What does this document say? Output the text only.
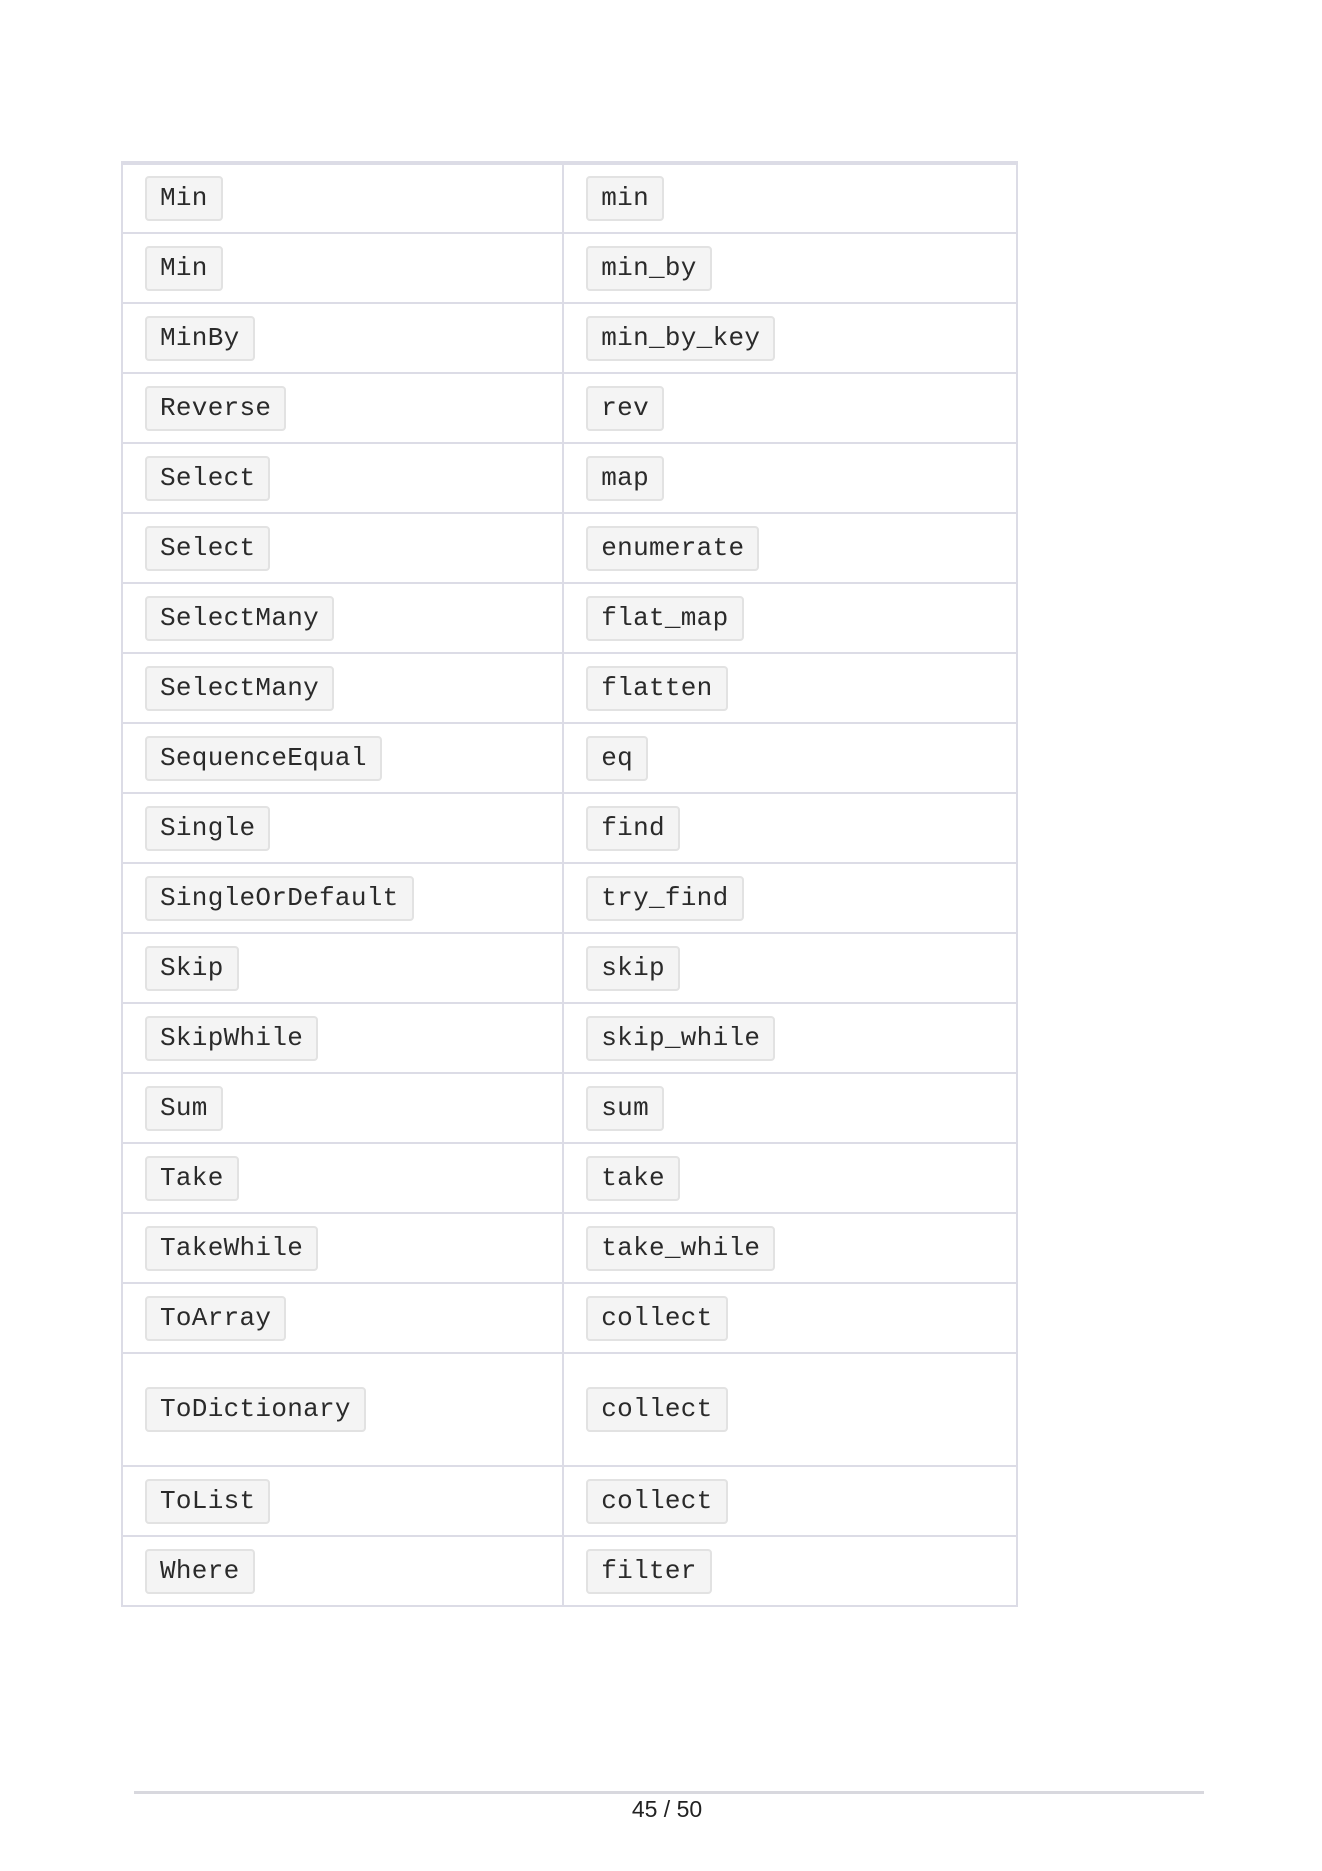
Min	min
Min	min_by
MinBy	min_by_key
Reverse	rev
Select	map
Select	enumerate
SelectMany	flat_map
SelectMany	flatten
SequenceEqual	eq
Single	find
SingleOrDefault	try_find
Skip	skip
SkipWhile	skip_while
Sum	sum
Take	take
TakeWhile	take_while
ToArray	collect
ToDictionary	collect
ToList	collect
Where	filter
45 / 50
